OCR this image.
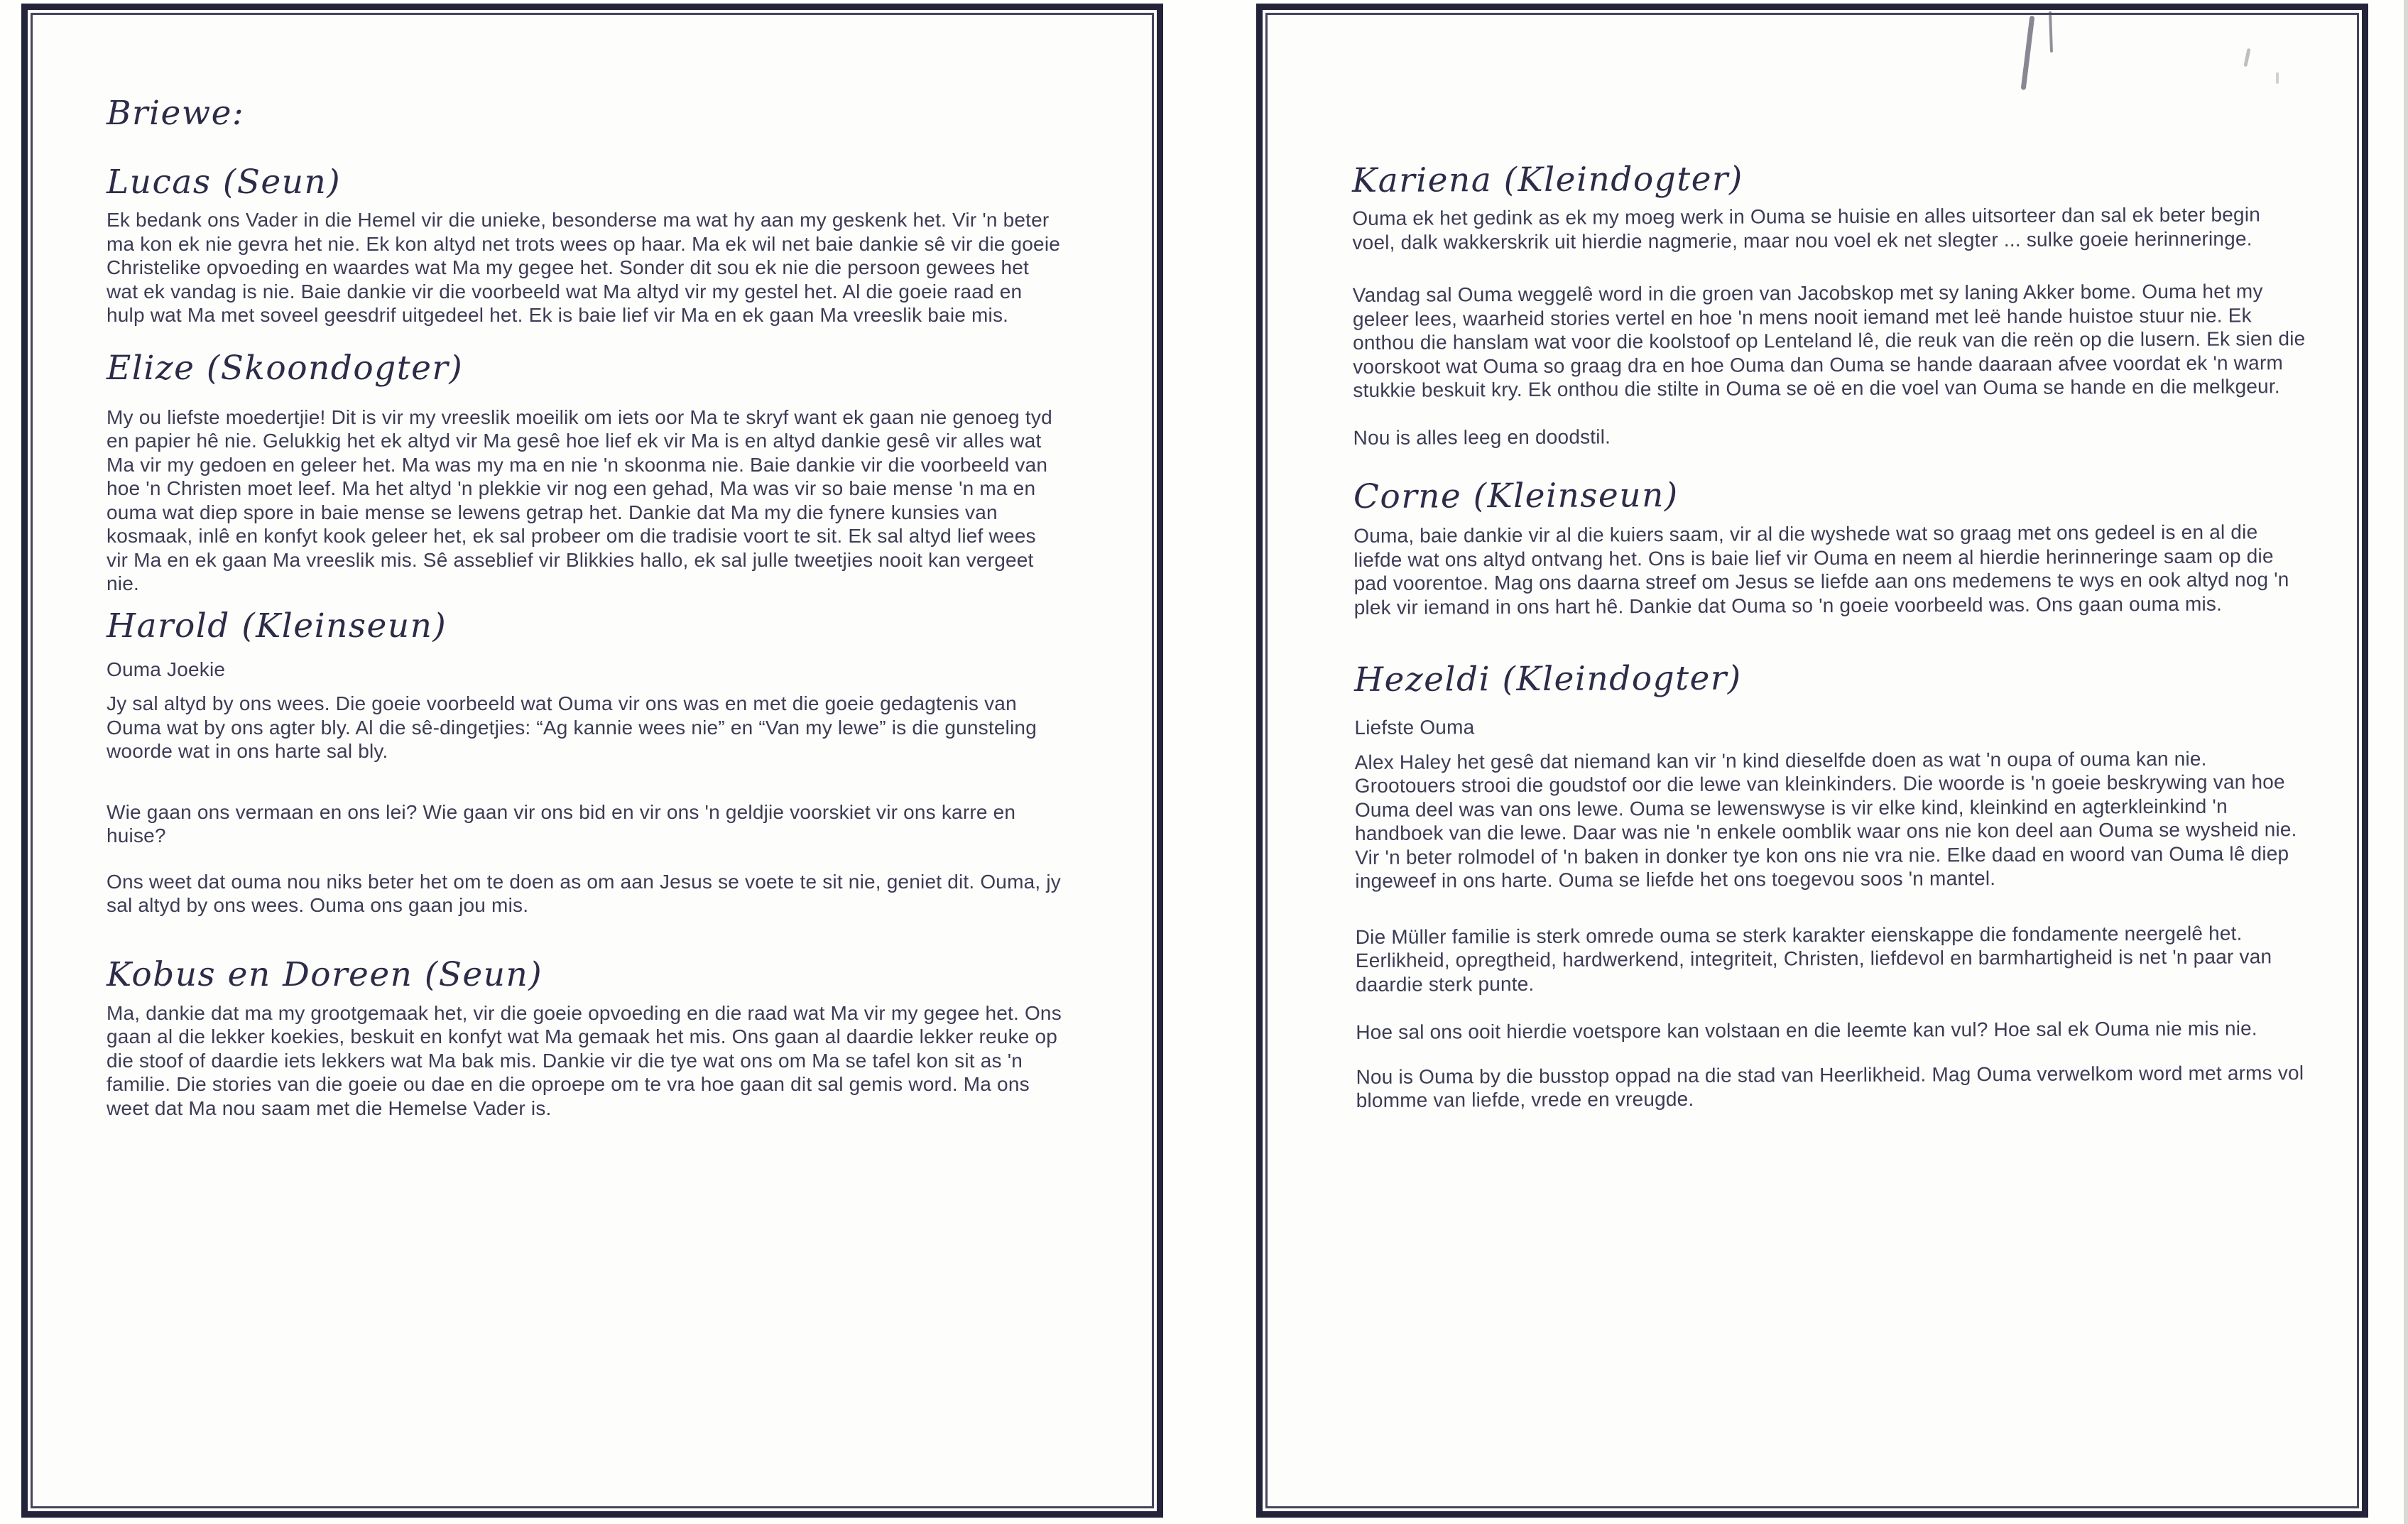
Briewe:
Lucas (Seun)

Ek bedank ons Vader in die Hemel vir die unieke, besonderse ma wat hy aan my geskenk het. Vir 'n beter ma kon ek nie gevra het nie. Ek kon altyd net trots wees op haar. Ma ek wil net baie dankie sê vir die goeie Christelike opvoeding en waardes wat Ma my gegee het. Sonder dit sou ek nie die persoon gewees het wat ek vandag is nie. Baie dankie vir die voorbeeld wat Ma altyd vir my gestel het. Al die goeie raad en hulp wat Ma met soveel geesdrif uitgedeel het. Ek is baie lief vir Ma en ek gaan Ma vreeslik baie mis.

Elize (Skoondogter)

My ou liefste moedertjie! Dit is vir my vreeslik moeilik om iets oor Ma te skryf want ek gaan nie genoeg tyd en papier hê nie. Gelukkig het ek altyd vir Ma gesê hoe lief ek vir Ma is en altyd dankie gesê vir alles wat Ma vir my gedoen en geleer het. Ma was my ma en nie 'n skoonma nie. Baie dankie vir die voorbeeld van hoe 'n Christen moet leef. Ma het altyd 'n plekkie vir nog een gehad, Ma was vir so baie mense 'n ma en ouma wat diep spore in baie mense se lewens getrap het. Dankie dat Ma my die fynere kunsies van kosmaak, inlê en konfyt kook geleer het, ek sal probeer om die tradisie voort te sit. Ek sal altyd lief wees vir Ma en ek gaan Ma vreeslik mis. Sê asseblief vir Blikkies hallo, ek sal julle tweetjies nooit kan vergeet nie.

Harold (Kleinseun)

Ouma Joekie

Jy sal altyd by ons wees. Die goeie voorbeeld wat Ouma vir ons was en met die goeie gedagtenis van Ouma wat by ons agter bly. Al die sê-dingetjies: “Ag kannie wees nie” en “Van my lewe” is die gunsteling woorde wat in ons harte sal bly.

Wie gaan ons vermaan en ons lei? Wie gaan vir ons bid en vir ons 'n geldjie voorskiet vir ons karre en huise?

Ons weet dat ouma nou niks beter het om te doen as om aan Jesus se voete te sit nie, geniet dit. Ouma, jy sal altyd by ons wees. Ouma ons gaan jou mis.

Kobus en Doreen (Seun)

Ma, dankie dat ma my grootgemaak het, vir die goeie opvoeding en die raad wat Ma vir my gegee het. Ons gaan al die lekker koekies, beskuit en konfyt wat Ma gemaak het mis. Ons gaan al daardie lekker reuke op die stoof of daardie iets lekkers wat Ma bak mis. Dankie vir die tye wat ons om Ma se tafel kon sit as 'n familie. Die stories van die goeie ou dae en die oproepe om te vra hoe gaan dit sal gemis word. Ma ons weet dat Ma nou saam met die Hemelse Vader is.

Kariena (Kleindogter)

Ouma ek het gedink as ek my moeg werk in Ouma se huisie en alles uitsorteer dan sal ek beter begin voel, dalk wakkerskrik uit hierdie nagmerie, maar nou voel ek net slegter ... sulke goeie herinneringe.

Vandag sal Ouma weggelê word in die groen van Jacobskop met sy laning Akker bome. Ouma het my geleer lees, waarheid stories vertel en hoe 'n mens nooit iemand met leë hande huistoe stuur nie. Ek onthou die hanslam wat voor die koolstoof op Lenteland lê, die reuk van die reën op die lusern. Ek sien die voorskoot wat Ouma so graag dra en hoe Ouma dan Ouma se hande daaraan afvee voordat ek 'n warm stukkie beskuit kry. Ek onthou die stilte in Ouma se oë en die voel van Ouma se hande en die melkgeur.

Nou is alles leeg en doodstil.

Corne (Kleinseun)

Ouma, baie dankie vir al die kuiers saam, vir al die wyshede wat so graag met ons gedeel is en al die liefde wat ons altyd ontvang het. Ons is baie lief vir Ouma en neem al hierdie herinneringe saam op die pad voorentoe. Mag ons daarna streef om Jesus se liefde aan ons medemens te wys en ook altyd nog 'n plek vir iemand in ons hart hê. Dankie dat Ouma so 'n goeie voorbeeld was. Ons gaan ouma mis.

Hezeldi (Kleindogter)

Liefste Ouma

Alex Haley het gesê dat niemand kan vir 'n kind dieselfde doen as wat 'n oupa of ouma kan nie. Grootouers strooi die goudstof oor die lewe van kleinkinders. Die woorde is 'n goeie beskrywing van hoe Ouma deel was van ons lewe. Ouma se lewenswyse is vir elke kind, kleinkind en agterkleinkind 'n handboek van die lewe. Daar was nie 'n enkele oomblik waar ons nie kon deel aan Ouma se wysheid nie. Vir 'n beter rolmodel of 'n baken in donker tye kon ons nie vra nie. Elke daad en woord van Ouma lê diep ingeweef in ons harte. Ouma se liefde het ons toegevou soos 'n mantel.

Die Müller familie is sterk omrede ouma se sterk karakter eienskappe die fondamente neergelê het. Eerlikheid, opregtheid, hardwerkend, integriteit, Christen, liefdevol en barmhartigheid is net 'n paar van daardie sterk punte.

Hoe sal ons ooit hierdie voetspore kan volstaan en die leemte kan vul? Hoe sal ek Ouma nie mis nie.

Nou is Ouma by die busstop oppad na die stad van Heerlikheid. Mag Ouma verwelkom word met arms vol blomme van liefde, vrede en vreugde.
